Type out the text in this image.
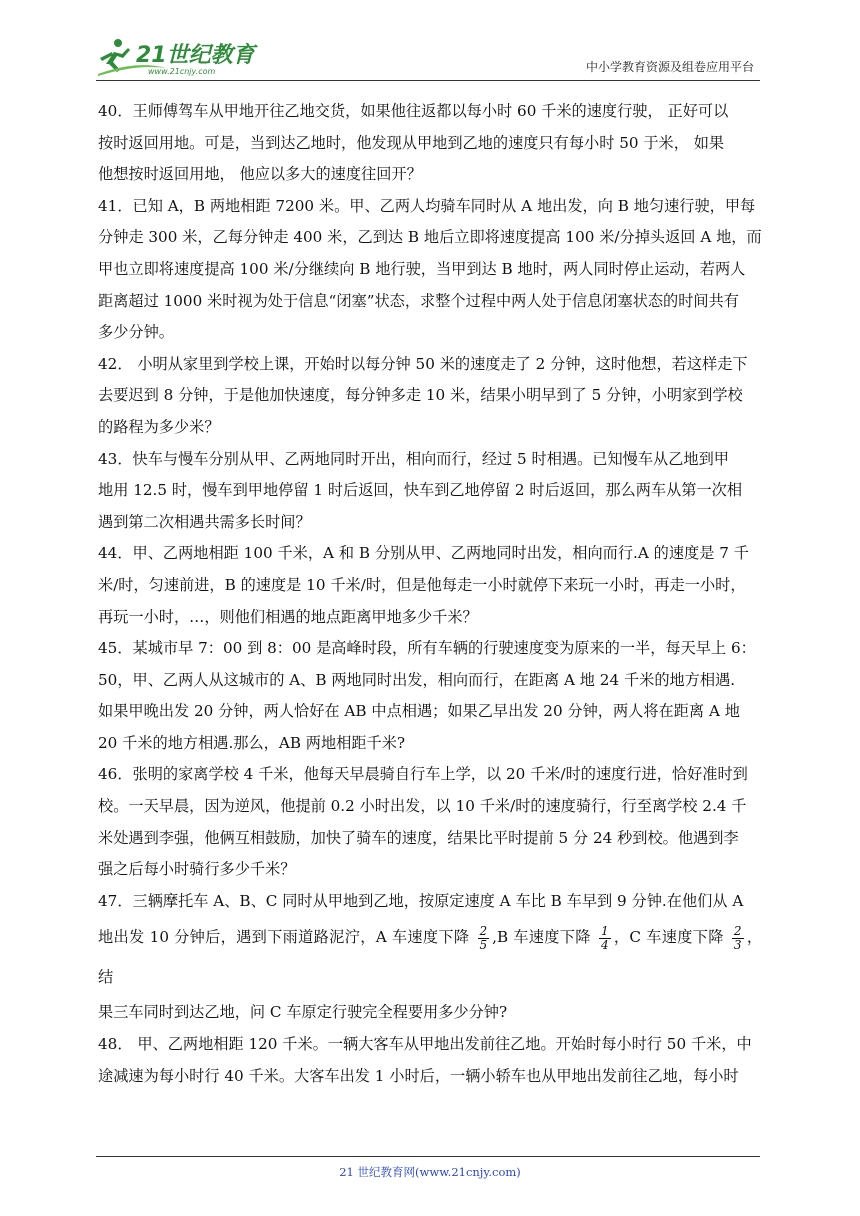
21世纪教育
www.21cnjy.com	中小学教育资源及组卷应用平台

40．王师傅驾车从甲地开往乙地交货，如果他往返都以每小时 60 千米的速度行驶， 正好可以

按时返回用地。可是，当到达乙地时，他发现从甲地到乙地的速度只有每小时 50 于米， 如果

他想按时返回用地， 他应以多大的速度往回开？

41．已知 A，B 两地相距 7200 米。甲、乙两人均骑车同时从 A 地出发，向 B 地匀速行驶，甲每

分钟走 300 米，乙每分钟走 400 米，乙到达 B 地后立即将速度提高 100 米/分掉头返回 A 地，而

甲也立即将速度提高 100 米/分继续向 B 地行驶，当甲到达 B 地时，两人同时停止运动，若两人

距离超过 1000 米时视为处于信息“闭塞”状态，求整个过程中两人处于信息闭塞状态的时间共有

多少分钟。

42． 小明从家里到学校上课，开始时以每分钟 50 米的速度走了 2 分钟，这时他想，若这样走下

去要迟到 8 分钟，于是他加快速度，每分钟多走 10 米，结果小明早到了 5 分钟，小明家到学校

的路程为多少米？

43．快车与慢车分别从甲、乙两地同时开出，相向而行，经过 5 时相遇。已知慢车从乙地到甲

地用 12.5 时，慢车到甲地停留 1 时后返回，快车到乙地停留 2 时后返回，那么两车从第一次相

遇到第二次相遇共需多长时间？

44．甲、乙两地相距 100 千米，A 和 B 分别从甲、乙两地同时出发，相向而行.A 的速度是 7 千

米/时，匀速前进，B 的速度是 10 千米/时，但是他每走一小时就停下来玩一小时，再走一小时，

再玩一小时，…，则他们相遇的地点距离甲地多少千米？

45．某城市早 7：00 到 8：00 是高峰时段，所有车辆的行驶速度变为原来的一半，每天早上 6：

50，甲、乙两人从这城市的 A、B 两地同时出发，相向而行，在距离 A 地 24 千米的地方相遇.

如果甲晚出发 20 分钟，两人恰好在 AB 中点相遇；如果乙早出发 20 分钟，两人将在距离 A 地

20 千米的地方相遇.那么，AB 两地相距千米?

46．张明的家离学校 4 千米，他每天早晨骑自行车上学，以 20 千米/时的速度行进，恰好准时到

校。一天早晨，因为逆风，他提前 0.2 小时出发，以 10 千米/时的速度骑行，行至离学校 2.4 千

米处遇到李强，他俩互相鼓励，加快了骑车的速度，结果比平时提前 5 分 24 秒到校。他遇到李

强之后每小时骑行多少千米？

47．三辆摩托车 A、B、C 同时从甲地到乙地，按原定速度 A 车比 B 车早到 9 分钟.在他们从 A

地出发 10 分钟后，遇到下雨道路泥泞，A 车速度下降 $\frac{2}{5} ,B$ 车速度下降 $\frac{1}{4}$ ，C 车速度下降 $\frac{2}{3}$ ，结

果三车同时到达乙地，问 C 车原定行驶完全程要用多少分钟?

48． 甲、乙两地相距 120 千米。一辆大客车从甲地出发前往乙地。开始时每小时行 50 千米，中

途减速为每小时行 40 千米。大客车出发 1 小时后，一辆小轿车也从甲地出发前往乙地，每小时

21 世纪教育网(www.21cnjy.com)
